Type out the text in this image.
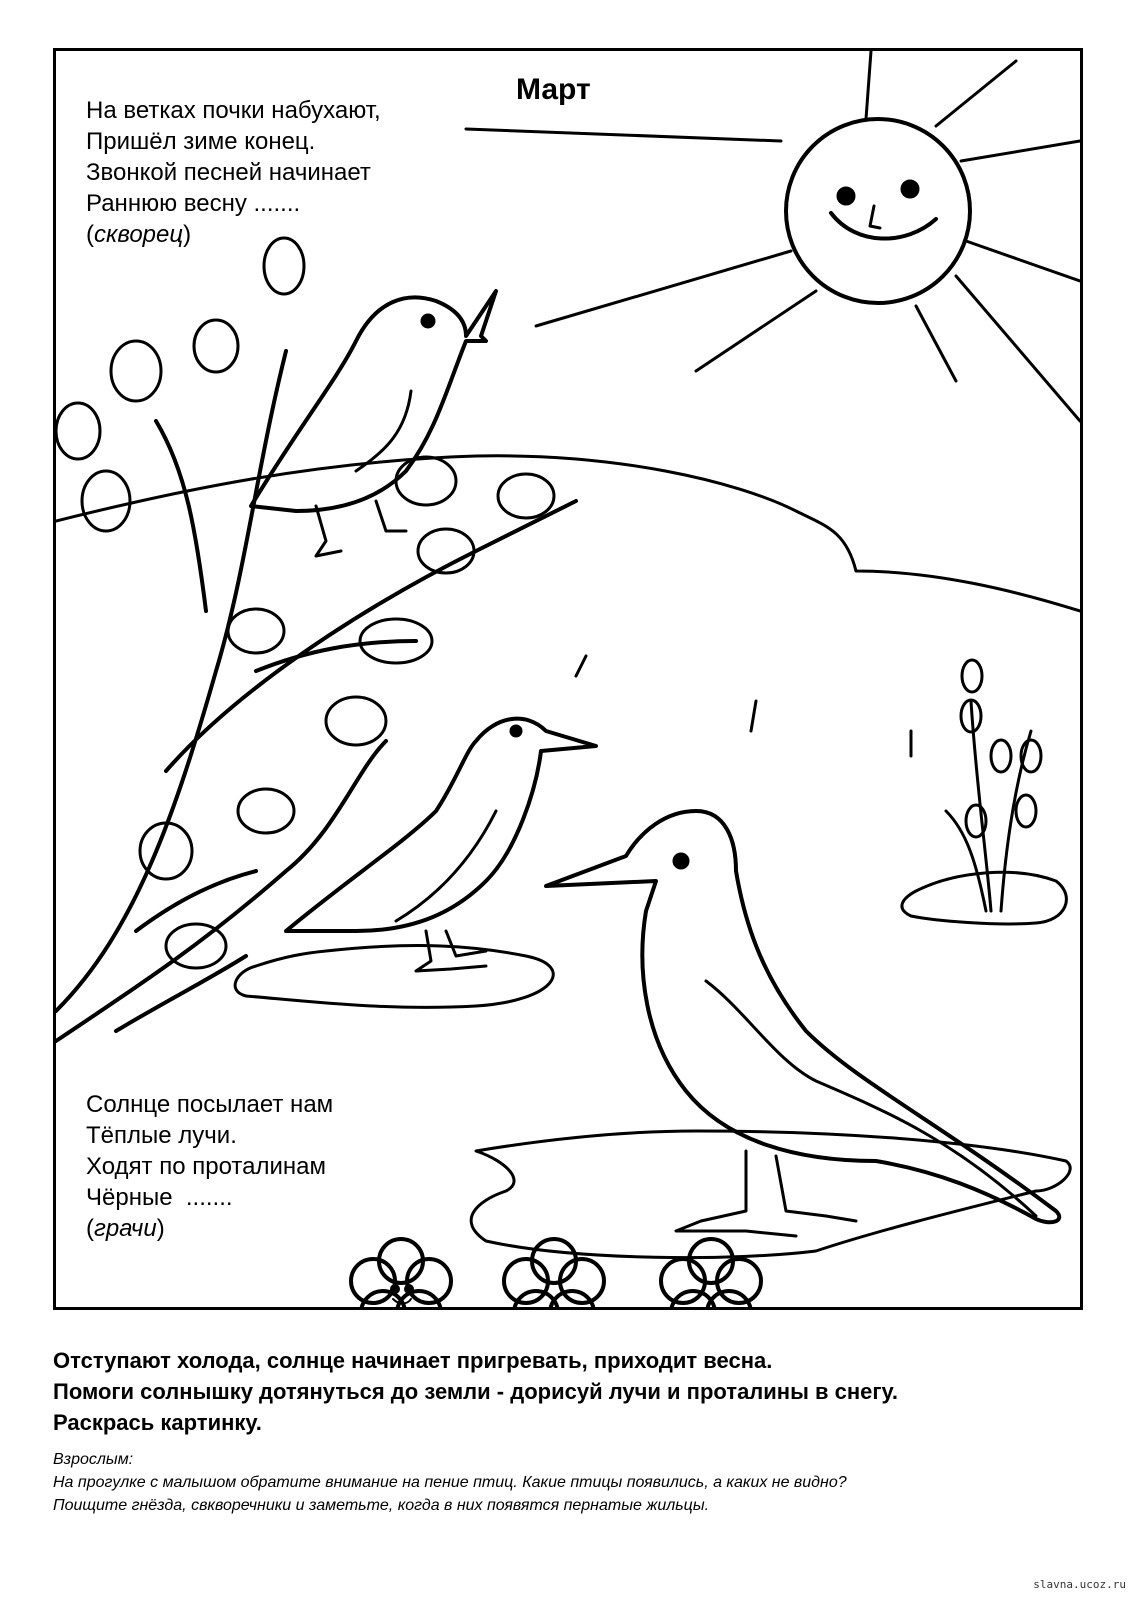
Март
На ветках почки набухают,
Пришёл зиме конец.
Звонкой песней начинает
Раннюю весну .......
(скворец)
Солнце посылает нам
Тёплые лучи.
Ходят по проталинам
Чёрные  .......
(грачи)
Отступают холода, солнце начинает пригревать, приходит весна.
Помоги солнышку дотянуться до земли - дорисуй лучи и проталины в снегу.
Раскрась картинку.
Взрослым:
На прогулке с малышом обратите внимание на пение птиц. Какие птицы появились, а каких не видно?
Поищите гнёзда, свкворечники и заметьте, когда в них появятся пернатые жильцы.
slavna.ucoz.ru
